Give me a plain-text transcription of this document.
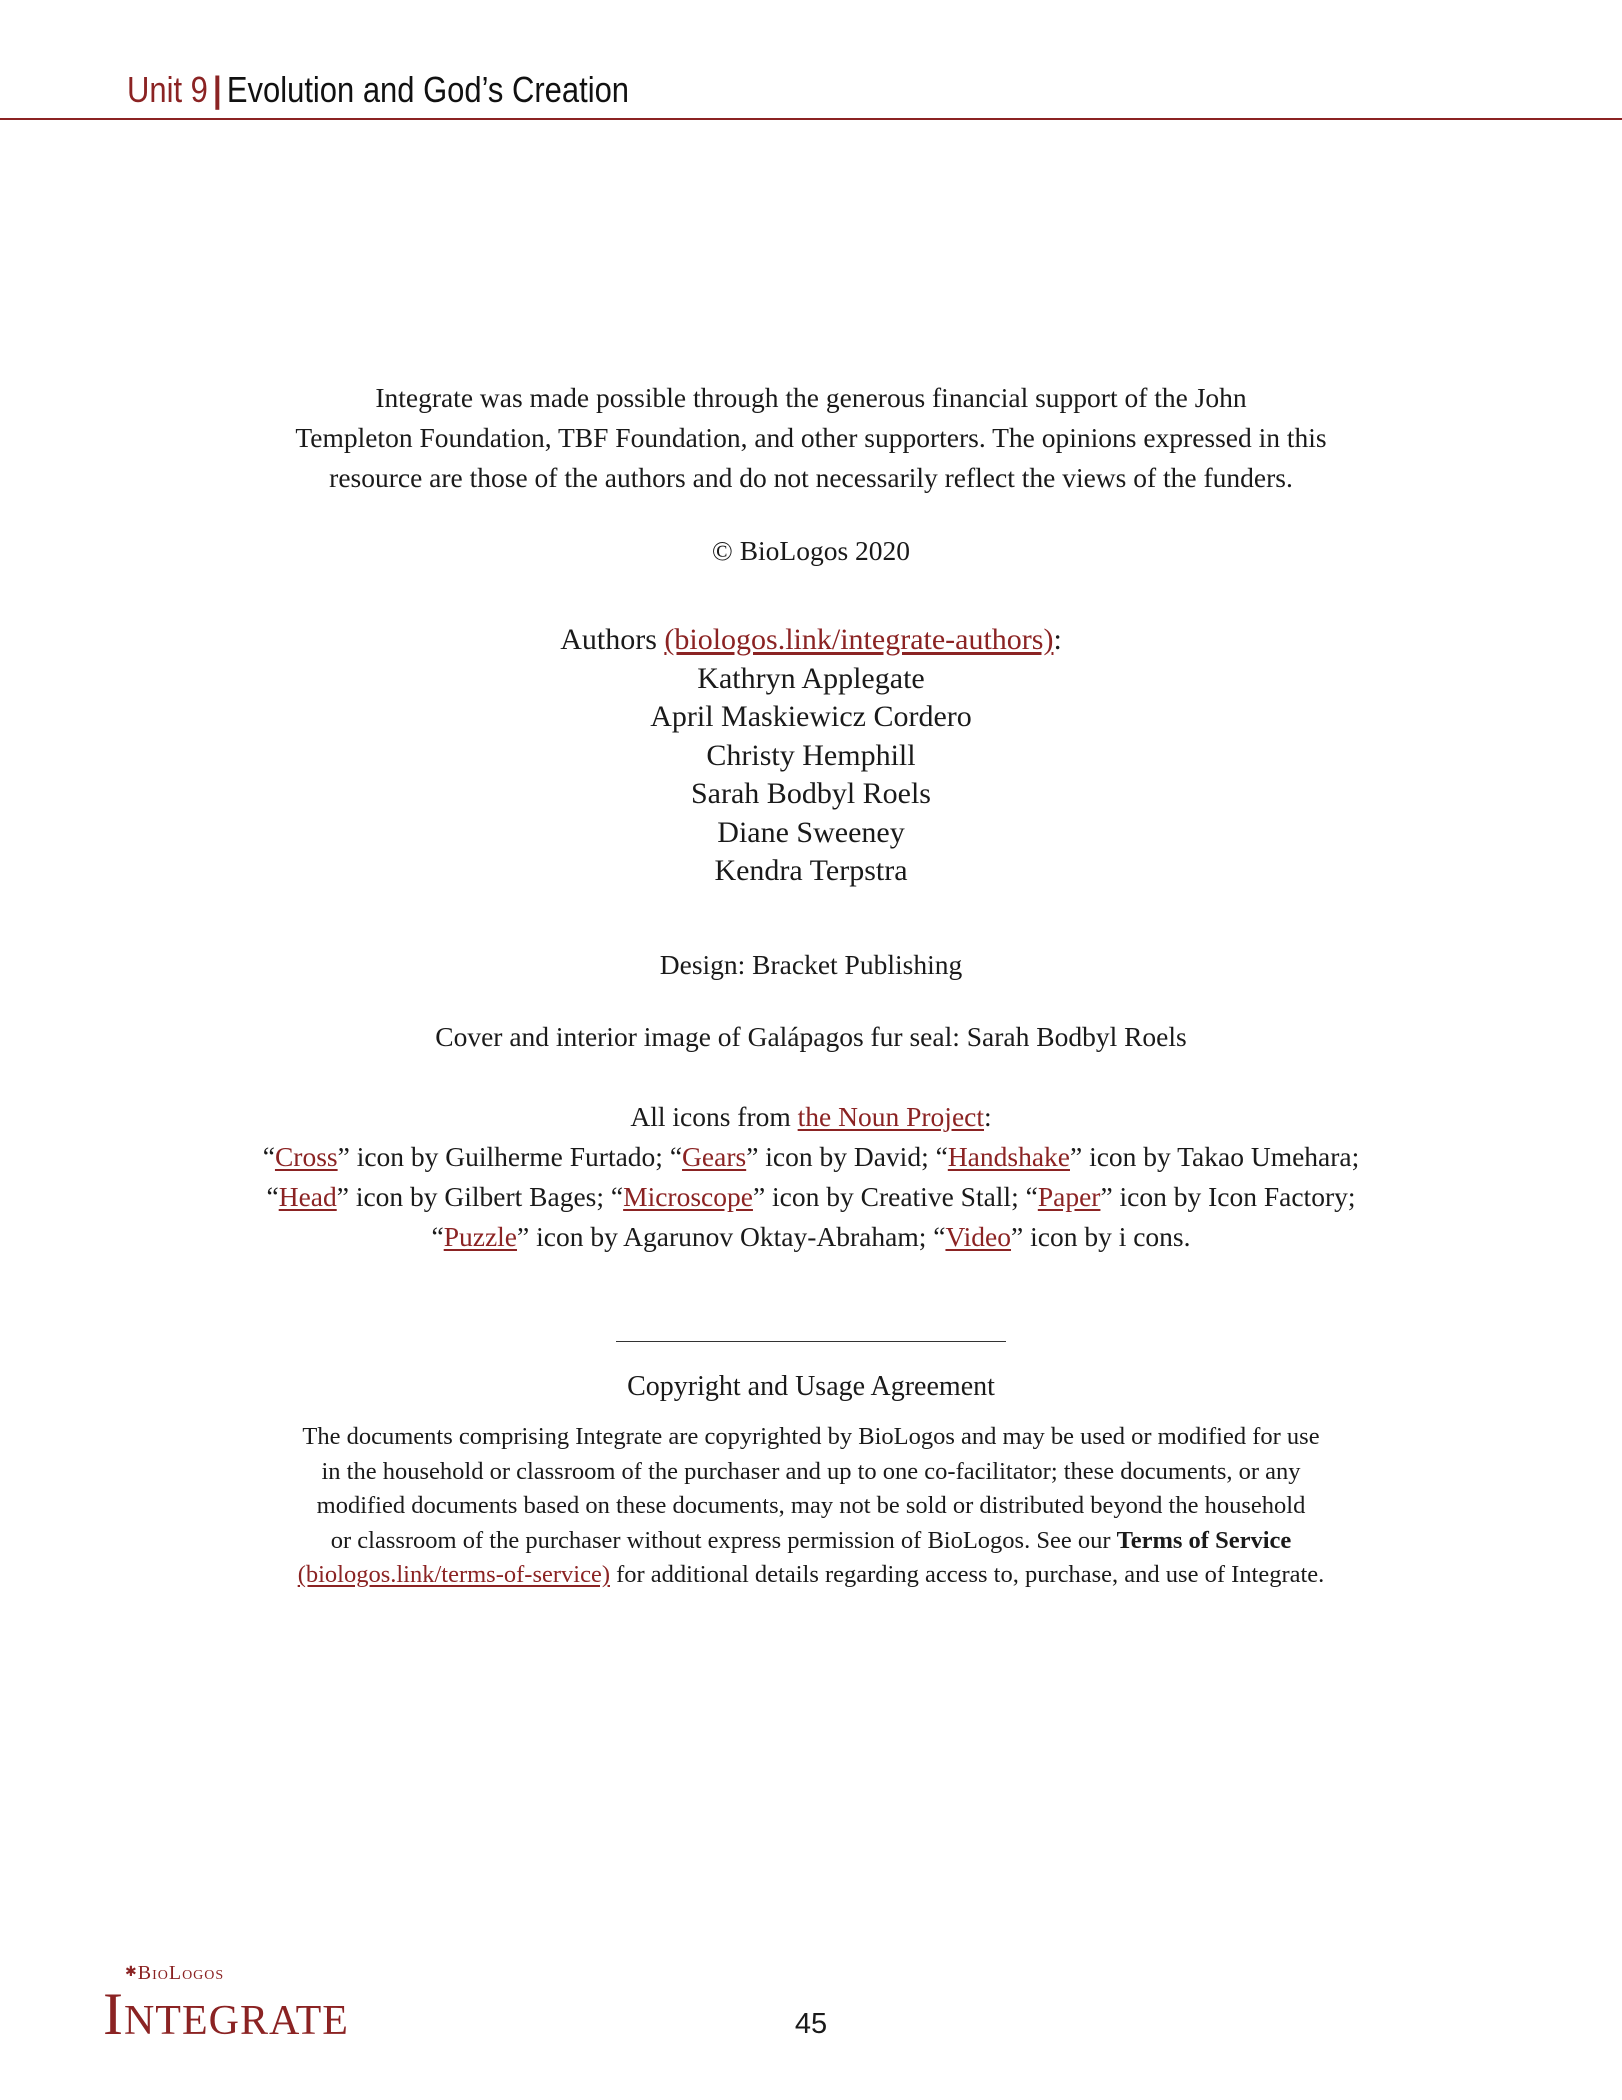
Unit 9 | Evolution and God’s Creation
Integrate was made possible through the generous financial support of the John
Templeton Foundation, TBF Foundation, and other supporters. The opinions expressed in this
resource are those of the authors and do not necessarily reflect the views of the funders.
© BioLogos 2020
Authors (biologos.link/integrate-authors):
Kathryn Applegate
April Maskiewicz Cordero
Christy Hemphill
Sarah Bodbyl Roels
Diane Sweeney
Kendra Terpstra
Design: Bracket Publishing
Cover and interior image of Galápagos fur seal: Sarah Bodbyl Roels
All icons from the Noun Project:
“Cross” icon by Guilherme Furtado; “Gears” icon by David; “Handshake” icon by Takao Umehara;
“Head” icon by Gilbert Bages; “Microscope” icon by Creative Stall; “Paper” icon by Icon Factory;
“Puzzle” icon by Agarunov Oktay-Abraham; “Video” icon by i cons.
Copyright and Usage Agreement
The documents comprising Integrate are copyrighted by BioLogos and may be used or modified for use
in the household or classroom of the purchaser and up to one co-facilitator; these documents, or any
modified documents based on these documents, may not be sold or distributed beyond the household
or classroom of the purchaser without express permission of BioLogos. See our Terms of Service
(biologos.link/terms-of-service) for additional details regarding access to, purchase, and use of Integrate.
✱BioLogos
Integrate	45
